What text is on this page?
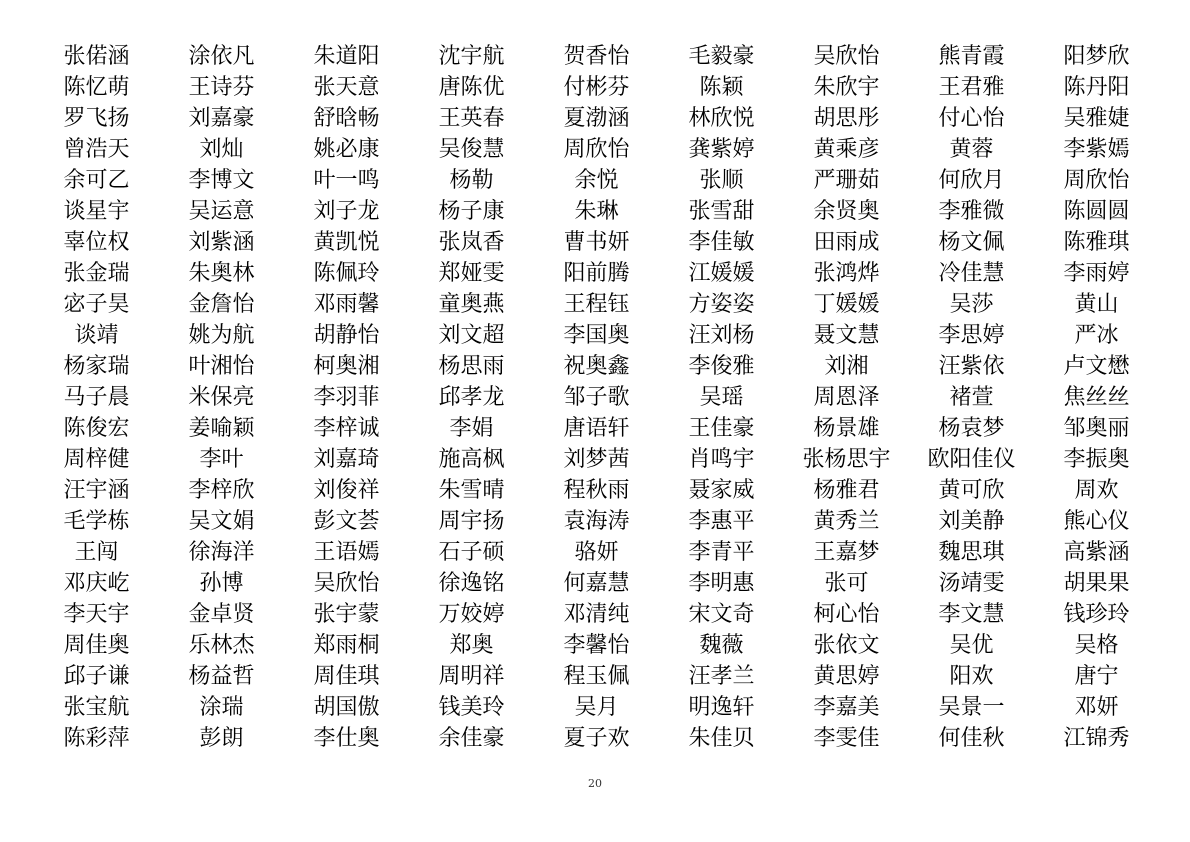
张偌涵	涂依凡	朱道阳	沈宇航	贺香怡	毛毅豪	吴欣怡	熊青霞	阳梦欣
陈忆萌	王诗芬	张天意	唐陈优	付彬芬	陈颖	朱欣宇	王君雅	陈丹阳
罗飞扬	刘嘉豪	舒晗畅	王英春	夏渤涵	林欣悦	胡思彤	付心怡	吴雅婕
曾浩天	刘灿	姚必康	吴俊慧	周欣怡	龚紫婷	黄乘彦	黄蓉	李紫嫣
余可乙	李博文	叶一鸣	杨勒	余悦	张顺	严珊茹	何欣月	周欣怡
谈星宇	吴运意	刘子龙	杨子康	朱琳	张雪甜	余贤奥	李雅微	陈圆圆
辜位权	刘紫涵	黄凯悦	张岚香	曹书妍	李佳敏	田雨成	杨文佩	陈雅琪
张金瑞	朱奥林	陈佩玲	郑娅雯	阳前腾	江媛媛	张鸿烨	冷佳慧	李雨婷
宓子昊	金詹怡	邓雨馨	童奥燕	王程钰	方姿姿	丁媛媛	吴莎	黄山
谈靖	姚为航	胡静怡	刘文超	李国奥	汪刘杨	聂文慧	李思婷	严冰
杨家瑞	叶湘怡	柯奥湘	杨思雨	祝奥鑫	李俊雅	刘湘	汪紫依	卢文懋
马子晨	米保亮	李羽菲	邱孝龙	邹子歌	吴瑶	周恩泽	褚萱	焦丝丝
陈俊宏	姜喻颖	李梓诚	李娟	唐语轩	王佳豪	杨景雄	杨袁梦	邹奥丽
周梓健	李叶	刘嘉琦	施高枫	刘梦茜	肖鸣宇	张杨思宇	欧阳佳仪	李振奥
汪宇涵	李梓欣	刘俊祥	朱雪晴	程秋雨	聂家威	杨雅君	黄可欣	周欢
毛学栋	吴文娟	彭文荟	周宇扬	袁海涛	李惠平	黄秀兰	刘美静	熊心仪
王闯	徐海洋	王语嫣	石子硕	骆妍	李青平	王嘉梦	魏思琪	高紫涵
邓庆屹	孙博	吴欣怡	徐逸铭	何嘉慧	李明惠	张可	汤靖雯	胡果果
李天宇	金卓贤	张宇蒙	万姣婷	邓清纯	宋文奇	柯心怡	李文慧	钱珍玲
周佳奥	乐林杰	郑雨桐	郑奥	李馨怡	魏薇	张依文	吴优	吴格
邱子谦	杨益哲	周佳琪	周明祥	程玉佩	汪孝兰	黄思婷	阳欢	唐宁
张宝航	涂瑞	胡国傲	钱美玲	吴月	明逸轩	李嘉美	吴景一	邓妍
陈彩萍	彭朗	李仕奥	余佳豪	夏子欢	朱佳贝	李雯佳	何佳秋	江锦秀
20
